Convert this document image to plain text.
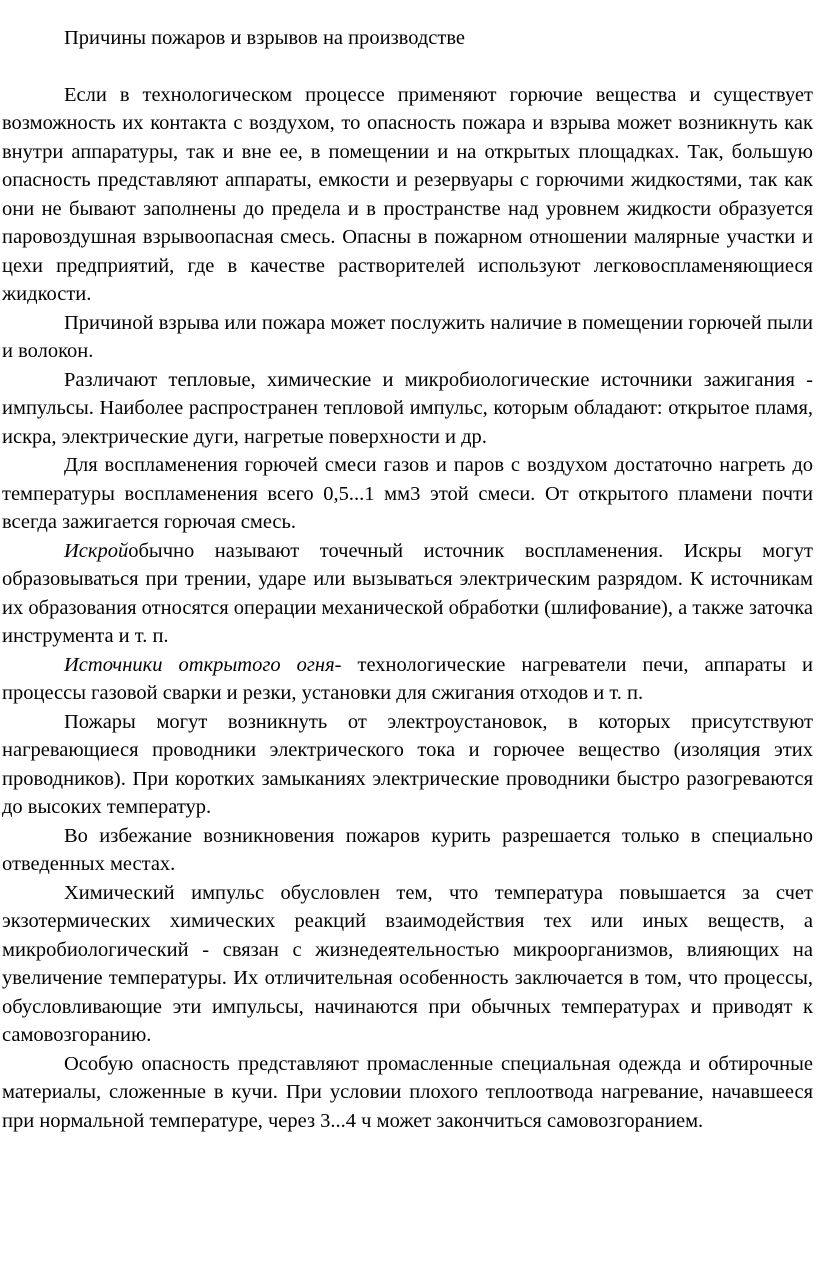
Причины пожаров и взрывов на производстве

Если в технологическом процессе применяют горючие вещества и существует возможность их контакта с воздухом, то опасность пожара и взрыва может возникнуть как внутри аппаратуры, так и вне ее, в помещении и на открытых площадках. Так, большую опасность представляют аппараты, емкости и резервуары с горючими жидкостями, так как они не бывают заполнены до предела и в пространстве над уровнем жидкости образуется паровоздушная взрывоопасная смесь. Опасны в пожарном отношении малярные участки и цехи предприятий, где в качестве растворителей используют легковоспламеняющиеся жидкости.

Причиной взрыва или пожара может послужить наличие в помещении горючей пыли и волокон.

Различают тепловые, химические и микробиологические источники зажигания - импульсы. Наиболее распространен тепловой импульс, которым обладают: открытое пламя, искра, электрические дуги, нагретые поверхности и др.

Для воспламенения горючей смеси газов и паров с воздухом достаточно нагреть до температуры воспламенения всего 0,5...1 мм3 этой смеси. От открытого пламени почти всегда зажигается горючая смесь.

Искройобычно называют точечный источник воспламенения. Искры могут образовываться при трении, ударе или вызываться электрическим разрядом. К источникам их образования относятся операции механической обработки (шлифование), а также заточка инструмента и т. п.

Источники открытого огня- технологические нагреватели печи, аппараты и процессы газовой сварки и резки, установки для сжигания отходов и т. п.

Пожары могут возникнуть от электроустановок, в которых присутствуют нагревающиеся проводники электрического тока и горючее вещество (изоляция этих проводников). При коротких замыканиях электрические проводники быстро разогреваются до высоких температур.

Во избежание возникновения пожаров курить разрешается только в специально отведенных местах.

Химический импульс обусловлен тем, что температура повышается за счет экзотермических химических реакций взаимодействия тех или иных веществ, а микробиологический - связан с жизнедеятельностью микроорганизмов, влияющих на увеличение температуры. Их отличительная особенность заключается в том, что процессы, обусловливающие эти импульсы, начинаются при обычных температурах и приводят к самовозгоранию.

Особую опасность представляют промасленные специальная одежда и обтирочные материалы, сложенные в кучи. При условии плохого теплоотвода нагревание, начавшееся при нормальной температуре, через 3...4 ч может закончиться самовозгоранием.
